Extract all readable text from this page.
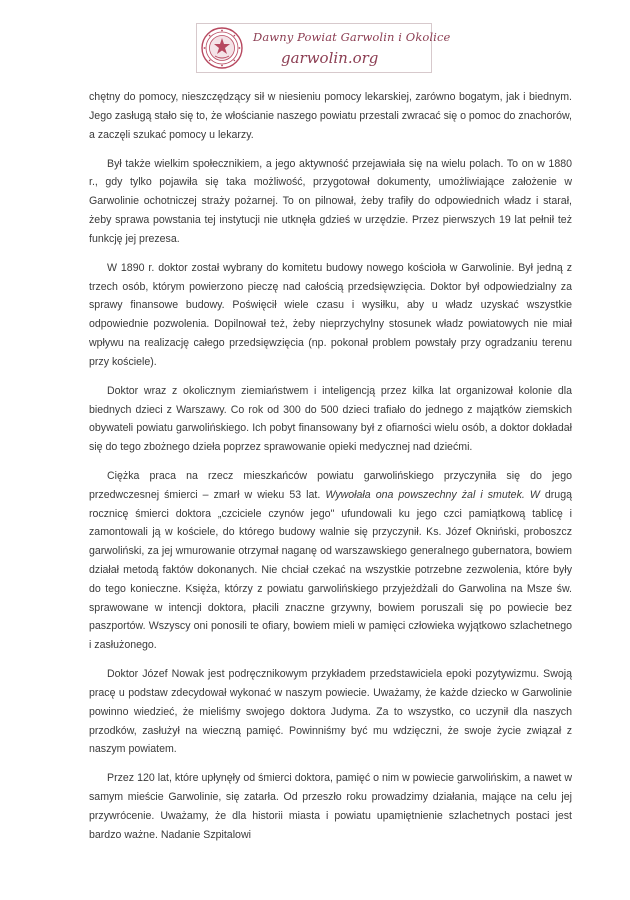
Dawny Powiat Garwolin i Okolice
garwolin.org

chętny do pomocy, nieszczędzący sił w niesieniu pomocy lekarskiej, zarówno bogatym, jak i biednym. Jego zasługą stało się to, że włościanie naszego powiatu przestali zwracać się o pomoc do znachorów, a zaczęli szukać pomocy u lekarzy.

Był także wielkim społecznikiem, a jego aktywność przejawiała się na wielu polach. To on w 1880 r., gdy tylko pojawiła się taka możliwość, przygotował dokumenty, umożliwiające założenie w Garwolinie ochotniczej straży pożarnej. To on pilnował, żeby trafiły do odpowiednich władz i starał, żeby sprawa powstania tej instytucji nie utknęła gdzieś w urzędzie. Przez pierwszych 19 lat pełnił też funkcję jej prezesa.

W 1890 r. doktor został wybrany do komitetu budowy nowego kościoła w Garwolinie. Był jedną z trzech osób, którym powierzono pieczę nad całością przedsięwzięcia. Doktor był odpowiedzialny za sprawy finansowe budowy. Poświęcił wiele czasu i wysiłku, aby u władz uzyskać wszystkie odpowiednie pozwolenia. Dopilnował też, żeby nieprzychylny stosunek władz powiatowych nie miał wpływu na realizację całego przedsięwzięcia (np. pokonał problem powstały przy ogradzaniu terenu przy kościele).

Doktor wraz z okolicznym ziemiaństwem i inteligencją przez kilka lat organizował kolonie dla biednych dzieci z Warszawy. Co rok od 300 do 500 dzieci trafiało do jednego z majątków ziemskich obywateli powiatu garwolińskiego. Ich pobyt finansowany był z ofiarności wielu osób, a doktor dokładał się do tego zbożnego dzieła poprzez sprawowanie opieki medycznej nad dziećmi.

Ciężka praca na rzecz mieszkańców powiatu garwolińskiego przyczyniła się do jego przedwczesnej śmierci – zmarł w wieku 53 lat. Wywołała ona powszechny żal i smutek. W drugą rocznicę śmierci doktora „czciciele czynów jego" ufundowali ku jego czci pamiątkową tablicę i zamontowali ją w kościele, do którego budowy walnie się przyczynił. Ks. Józef Okniński, proboszcz garwoliński, za jej wmurowanie otrzymał naganę od warszawskiego generalnego gubernatora, bowiem działał metodą faktów dokonanych. Nie chciał czekać na wszystkie potrzebne zezwolenia, które były do tego konieczne. Księża, którzy z powiatu garwolińskiego przyjeżdżali do Garwolina na Msze św. sprawowane w intencji doktora, płacili znaczne grzywny, bowiem poruszali się po powiecie bez paszportów. Wszyscy oni ponosili te ofiary, bowiem mieli w pamięci człowieka wyjątkowo szlachetnego i zasłużonego.

Doktor Józef Nowak jest podręcznikowym przykładem przedstawiciela epoki pozytywizmu. Swoją pracę u podstaw zdecydował wykonać w naszym powiecie. Uważamy, że każde dziecko w Garwolinie powinno wiedzieć, że mieliśmy swojego doktora Judyma. Za to wszystko, co uczynił dla naszych przodków, zasłużył na wieczną pamięć. Powinniśmy być mu wdzięczni, że swoje życie związał z naszym powiatem.

Przez 120 lat, które upłynęły od śmierci doktora, pamięć o nim w powiecie garwolińskim, a nawet w samym mieście Garwolinie, się zatarła. Od przeszło roku prowadzimy działania, mające na celu jej przywrócenie. Uważamy, że dla historii miasta i powiatu upamiętnienie szlachetnych postaci jest bardzo ważne. Nadanie Szpitalowi
